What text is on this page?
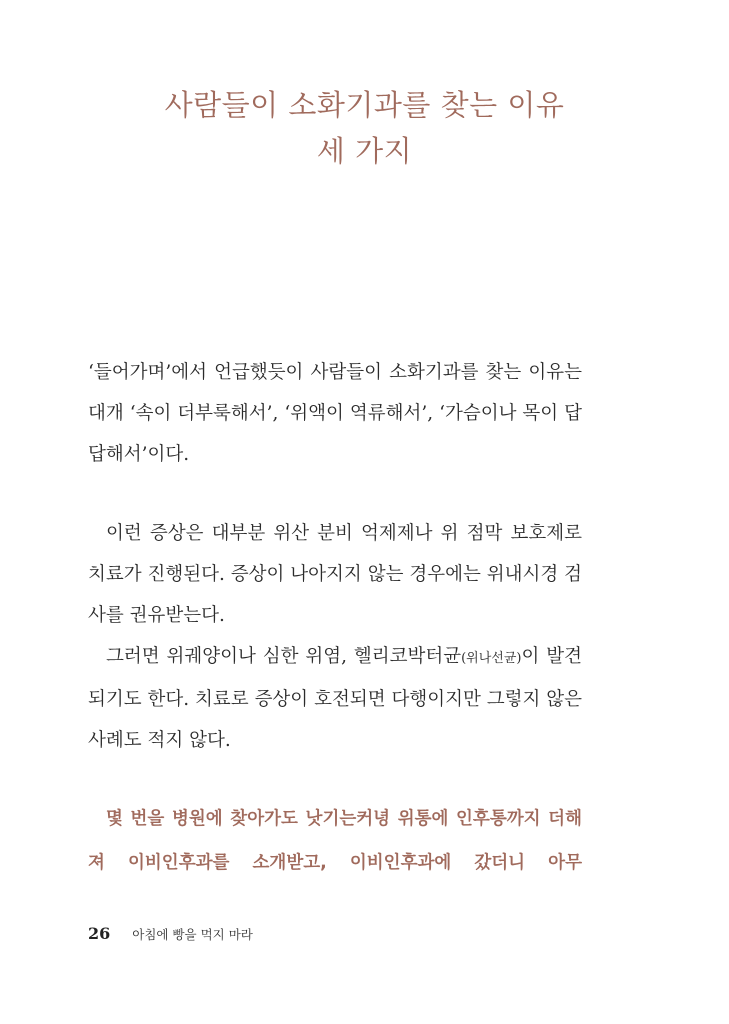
사람들이 소화기과를 찾는 이유
세 가지

‘들어가며’에서 언급했듯이 사람들이 소화기과를 찾는 이유는 대개 ‘속이 더부룩해서’, ‘위액이 역류해서’, ‘가슴이나 목이 답답해서’이다.

이런 증상은 대부분 위산 분비 억제제나 위 점막 보호제로 치료가 진행된다. 증상이 나아지지 않는 경우에는 위내시경 검사를 권유받는다.

그러면 위궤양이나 심한 위염, 헬리코박터균(위나선균)이 발견되기도 한다. 치료로 증상이 호전되면 다행이지만 그렇지 않은 사례도 적지 않다.

몇 번을 병원에 찾아가도 낫기는커녕 위통에 인후통까지 더해져 이비인후과를 소개받고, 이비인후과에 갔더니 아무

26 아침에 빵을 먹지 마라
